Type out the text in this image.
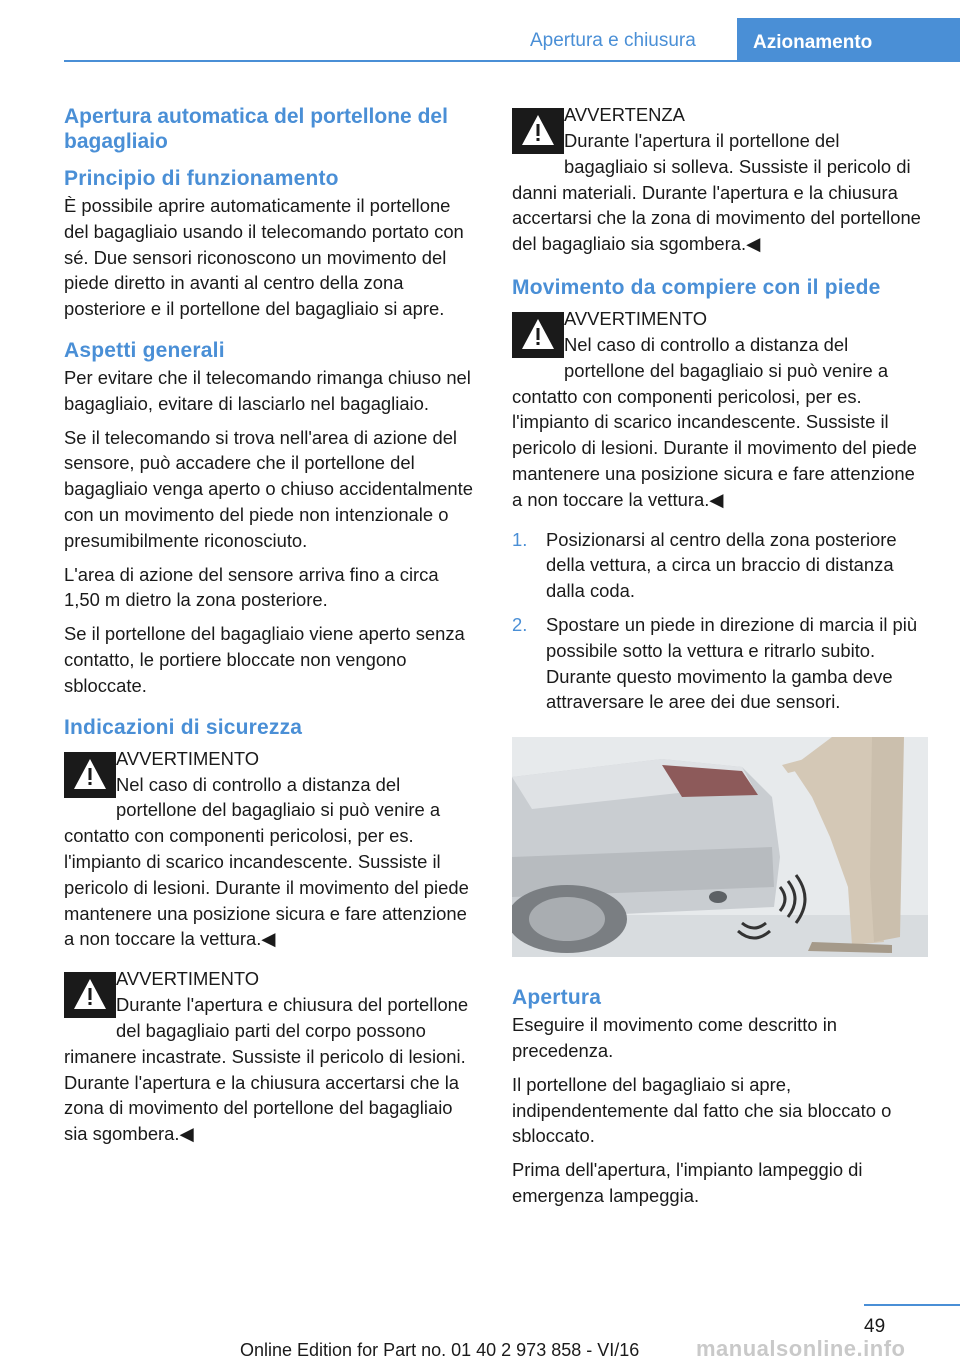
Apertura e chiusura	Azionamento
Apertura automatica del portellone del bagagliaio
Principio di funzionamento

È possibile aprire automaticamente il portellone del bagagliaio usando il telecomando portato con sé. Due sensori riconoscono un movimento del piede diretto in avanti al centro della zona posteriore e il portellone del bagagliaio si apre.

Aspetti generali

Per evitare che il telecomando rimanga chiuso nel bagagliaio, evitare di lasciarlo nel bagagliaio.

Se il telecomando si trova nell'area di azione del sensore, può accadere che il portellone del bagagliaio venga aperto o chiuso accidentalmente con un movimento del piede non intenzionale o presumibilmente riconosciuto.

L'area di azione del sensore arriva fino a circa 1,50 m dietro la zona posteriore.

Se il portellone del bagagliaio viene aperto senza contatto, le portiere bloccate non vengono sbloccate.

Indicazioni di sicurezza
AVVERTIMENTO
Nel caso di controllo a distanza del portellone del bagagliaio si può venire a contatto con componenti pericolosi, per es. l'impianto di scarico incandescente. Sussiste il pericolo di lesioni. Durante il movimento del piede mantenere una posizione sicura e fare attenzione a non toccare la vettura.◀
AVVERTIMENTO
Durante l'apertura e chiusura del portellone del bagagliaio parti del corpo possono rimanere incastrate. Sussiste il pericolo di lesioni. Durante l'apertura e la chiusura accertarsi che la zona di movimento del portellone del bagagliaio sia sgombera.◀
AVVERTENZA
Durante l'apertura il portellone del bagagliaio si solleva. Sussiste il pericolo di danni materiali. Durante l'apertura e la chiusura accertarsi che la zona di movimento del portellone del bagagliaio sia sgombera.◀
Movimento da compiere con il piede
AVVERTIMENTO
Nel caso di controllo a distanza del portellone del bagagliaio si può venire a contatto con componenti pericolosi, per es. l'impianto di scarico incandescente. Sussiste il pericolo di lesioni. Durante il movimento del piede mantenere una posizione sicura e fare attenzione a non toccare la vettura.◀
1. Posizionarsi al centro della zona posteriore della vettura, a circa un braccio di distanza dalla coda.
2. Spostare un piede in direzione di marcia il più possibile sotto la vettura e ritrarlo subito. Durante questo movimento la gamba deve attraversare le aree dei due sensori.
Apertura

Eseguire il movimento come descritto in precedenza.

Il portellone del bagagliaio si apre, indipendentemente dal fatto che sia bloccato o sbloccato.

Prima dell'apertura, l'impianto lampeggio di emergenza lampeggia.

49
Online Edition for Part no. 01 40 2 973 858 - VI/16	manualsonline.info
